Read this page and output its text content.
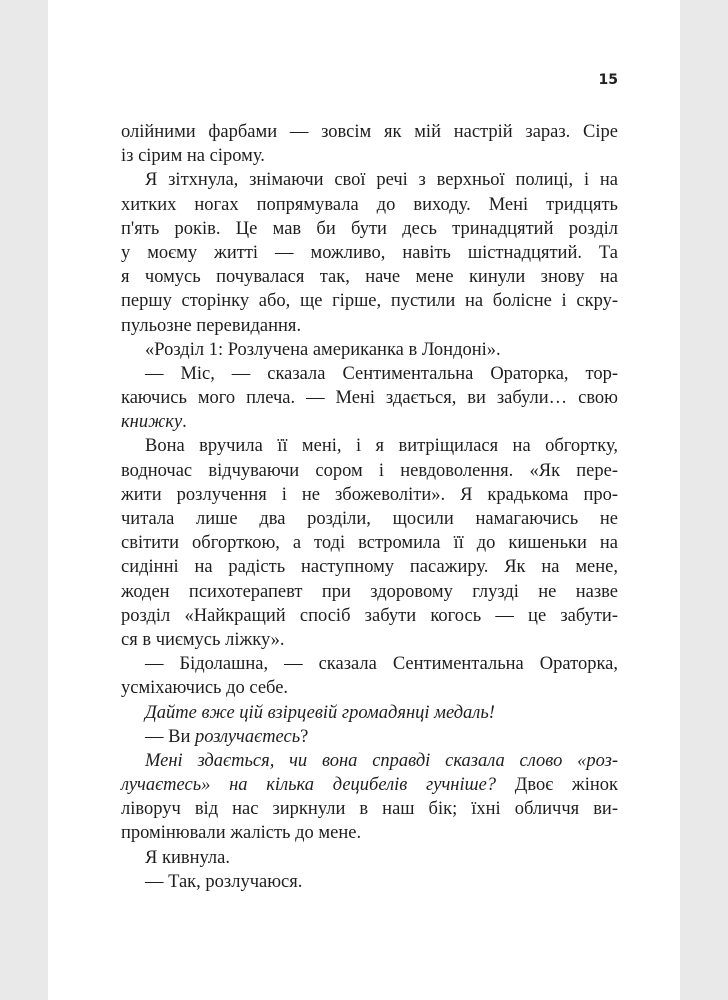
15
олійними фарбами — зовсім як мій настрій зараз. Сіре
із сірим на сірому.
Я зітхнула, знімаючи свої речі з верхньої полиці, і на
хитких ногах попрямувала до виходу. Мені тридцять
п'ять років. Це мав би бути десь тринадцятий розділ
у моєму житті — можливо, навіть шістнадцятий. Та
я чомусь почувалася так, наче мене кинули знову на
першу сторінку або, ще гірше, пустили на болісне і скру-
пульозне перевидання.
«Розділ 1: Розлучена американка в Лондоні».
— Міс, — сказала Сентиментальна Ораторка, тор-
каючись мого плеча. — Мені здається, ви забули… свою
книжку.
Вона вручила її мені, і я витріщилася на обгортку,
водночас відчуваючи сором і невдоволення. «Як пере-
жити розлучення і не збожеволіти». Я крадькома про-
читала лише два розділи, щосили намагаючись не
світити обгорткою, а тоді встромила її до кишеньки на
сидінні на радість наступному пасажиру. Як на мене,
жоден психотерапевт при здоровому глузді не назве
розділ «Найкращий спосіб забути когось — це забути-
ся в чиємусь ліжку».
— Бідолашна, — сказала Сентиментальна Ораторка,
усміхаючись до себе.
Дайте вже цій взірцевій громадянці медаль!
— Ви розлучаєтесь?
Мені здається, чи вона справді сказала слово «роз-
лучаєтесь» на кілька децибелів гучніше? Двоє жінок
ліворуч від нас зиркнули в наш бік; їхні обличчя ви-
промінювали жалість до мене.
Я кивнула.
— Так, розлучаюся.
